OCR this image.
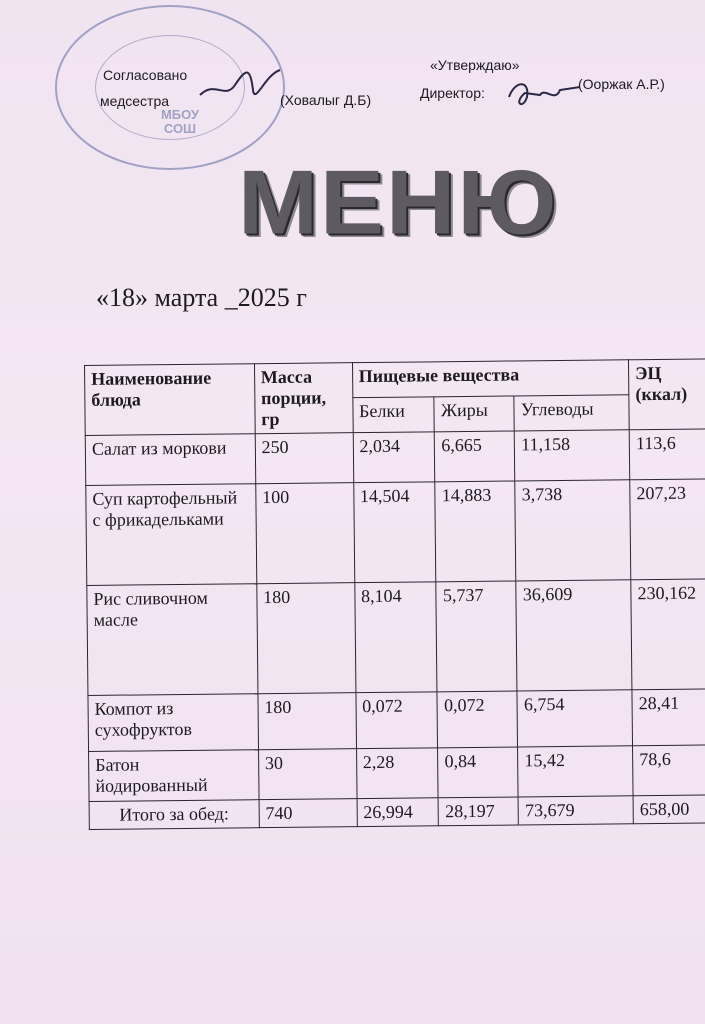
МБОУ
СОШ
Согласовано
медсестра	(Ховалыг Д.Б)
«Утверждаю»
Директор:
(Ооржак А.Р.)
МЕНЮ
«18» марта _2025 г
Наименование блюда	Масса порции, гр	Пищевые вещества			ЭЦ (ккал)
		Белки	Жиры	Углеводы	
Салат из моркови	250	2,034	6,665	11,158	113,6
Суп картофельный с фрикадельками	100	14,504	14,883	3,738	207,23
Рис сливочном масле	180	8,104	5,737	36,609	230,162
Компот из сухофруктов	180	0,072	0,072	6,754	28,41
Батон йодированный	30	2,28	0,84	15,42	78,6
Итого за обед:	740	26,994	28,197	73,679	658,00
